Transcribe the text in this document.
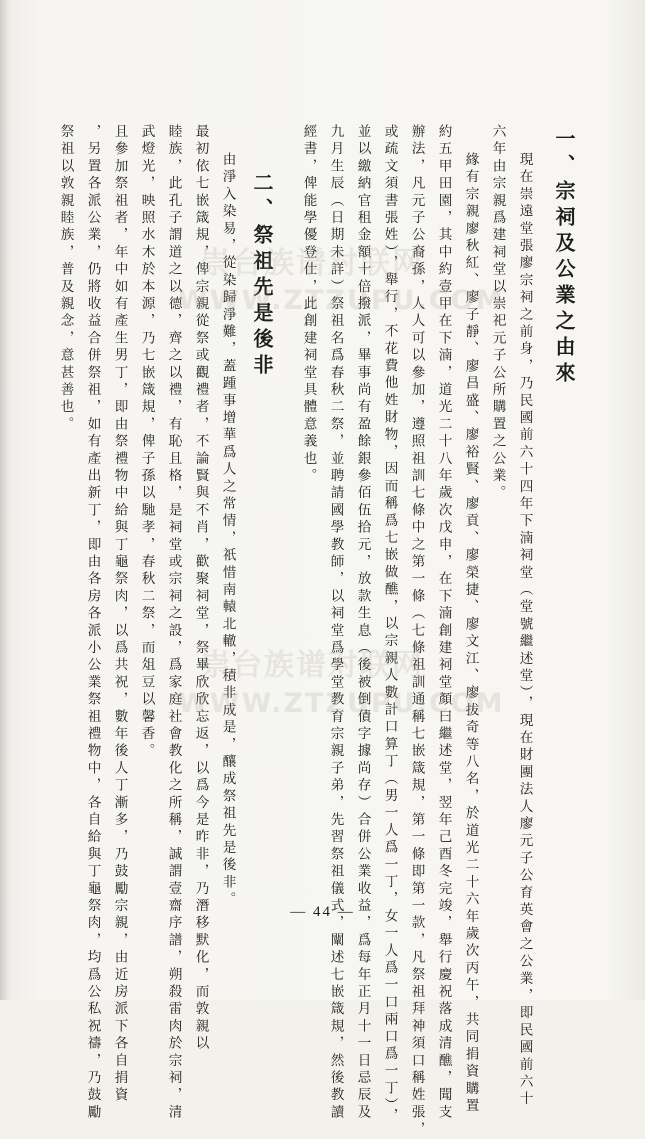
一、宗祠及公業之由來
現在崇遠堂張廖宗祠之前身，乃民國前六十四年下湳祠堂（堂號繼述堂），現在財團法人廖元子公育英會之公業，即民國前六十
六年由宗親爲建祠堂以崇祀元子公所購置之公業。
緣有宗親廖秋紅、廖子靜、廖昌盛、廖裕賢、廖貢、廖榮捷、廖文江、廖拔奇等八名，於道光二十六年歲次丙午，共同捐資購置
約五甲田園，其中約壹甲在下湳，道光二十八年歲次戊申，在下湳創建祠堂顏曰繼述堂，翌年己酉冬完竣，舉行慶祝落成清醮，聞支
辦法，凡元子公裔孫，人人可以參加，遵照祖訓七條中之第一條（七條祖訓通稱七嵌箴規，第一條即第一款，凡祭祖拜神須口稱姓張，
或疏文須書張姓），舉行，不花費他姓財物，因而稱爲七嵌做醮，以宗親人數計口算丁（男一人爲一丁，女一人爲一口兩口爲一丁），
並以繳納官租金額十倍撥派，畢事尚有盈餘銀參佰伍拾元，放款生息（後被倒債字據尚存）合併公業收益，爲每年正月十一日忌辰及
九月生辰（日期未詳）祭祖名爲春秋二祭，並聘請國學教師，以祠堂爲學堂教育宗親子弟，先習祭祖儀式，闡述七嵌箴規，然後教讀
經書，俾能學優登仕，此創建祠堂具體意義也。
二、祭祖先是後非
由淨入染易，從染歸淨難，蓋踵事增華爲人之常情，祇惜南轅北轍，積非成是，釀成祭祖先是後非。
最初依七嵌箴規，俾宗親從祭或觀禮者，不論賢與不肖，歡聚祠堂，祭畢欣欣忘返，以爲今是昨非，乃潛移默化，而敦親以
睦族，此孔子謂道之以德，齊之以禮，有恥且格，是祠堂或宗祠之設，爲家庭社會教化之所稱，誠謂壹齋序譜，朔殺雷肉於宗祠，清
武燈光，映照水木於本源，乃七嵌箴規，俾子孫以馳孝，春秋二祭，而俎豆以馨香。
且參加祭祖者，年中如有產生男丁，即由祭禮物中給與丁龜祭肉，以爲共祝，數年後人丁漸多，乃鼓勵宗親，由近房派下各自捐資
，另置各派公業，仍將收益合併祭祖，如有產出新丁，即由各房各派小公業祭祖禮物中，各自給與丁龜祭肉，均爲公私祝禱，乃鼓勵
祭祖以敦親睦族，普及親念，意甚善也。	崇台族谱对联网
WWW.ZTZUPU.COM
崇台族谱对联网
WWW.ZTZUPU.COM
— 44 —
